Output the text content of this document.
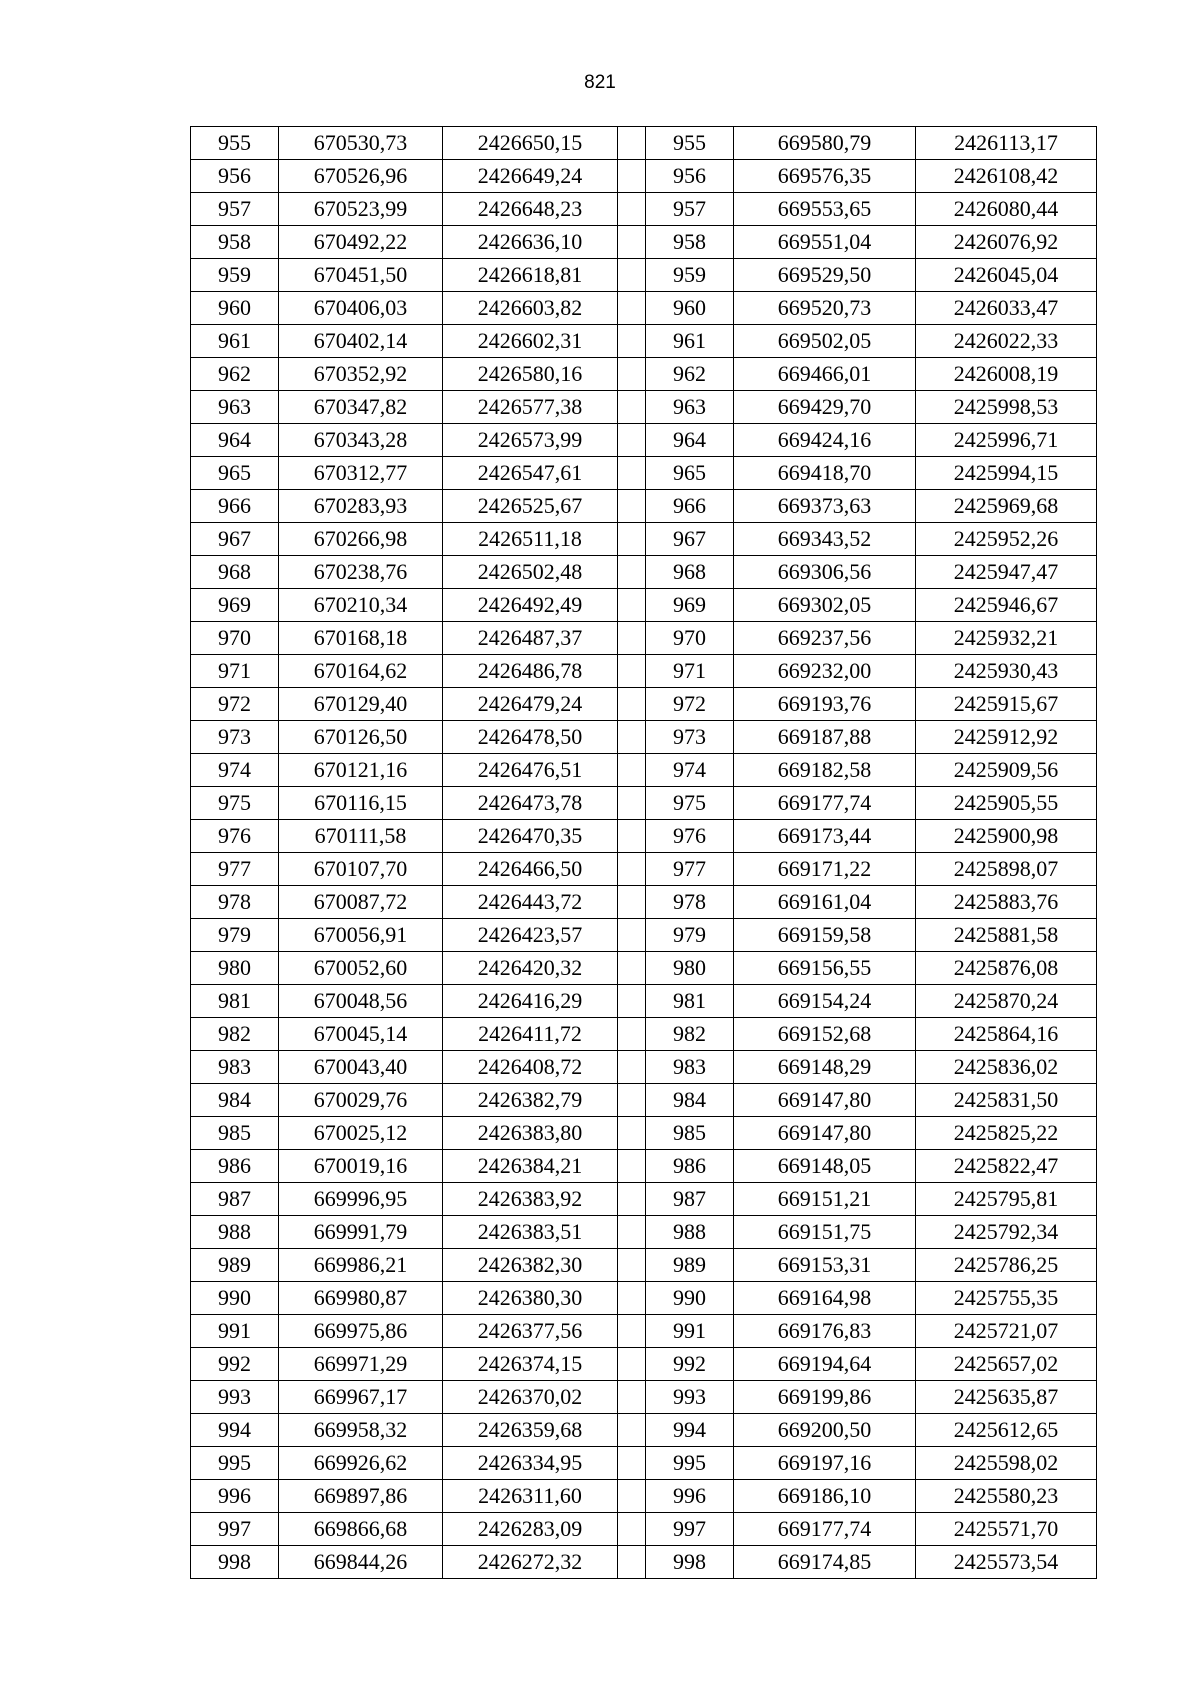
821
955	670530,73	2426650,15		955	669580,79	2426113,17
956	670526,96	2426649,24		956	669576,35	2426108,42
957	670523,99	2426648,23		957	669553,65	2426080,44
958	670492,22	2426636,10		958	669551,04	2426076,92
959	670451,50	2426618,81		959	669529,50	2426045,04
960	670406,03	2426603,82		960	669520,73	2426033,47
961	670402,14	2426602,31		961	669502,05	2426022,33
962	670352,92	2426580,16		962	669466,01	2426008,19
963	670347,82	2426577,38		963	669429,70	2425998,53
964	670343,28	2426573,99		964	669424,16	2425996,71
965	670312,77	2426547,61		965	669418,70	2425994,15
966	670283,93	2426525,67		966	669373,63	2425969,68
967	670266,98	2426511,18		967	669343,52	2425952,26
968	670238,76	2426502,48		968	669306,56	2425947,47
969	670210,34	2426492,49		969	669302,05	2425946,67
970	670168,18	2426487,37		970	669237,56	2425932,21
971	670164,62	2426486,78		971	669232,00	2425930,43
972	670129,40	2426479,24		972	669193,76	2425915,67
973	670126,50	2426478,50		973	669187,88	2425912,92
974	670121,16	2426476,51		974	669182,58	2425909,56
975	670116,15	2426473,78		975	669177,74	2425905,55
976	670111,58	2426470,35		976	669173,44	2425900,98
977	670107,70	2426466,50		977	669171,22	2425898,07
978	670087,72	2426443,72		978	669161,04	2425883,76
979	670056,91	2426423,57		979	669159,58	2425881,58
980	670052,60	2426420,32		980	669156,55	2425876,08
981	670048,56	2426416,29		981	669154,24	2425870,24
982	670045,14	2426411,72		982	669152,68	2425864,16
983	670043,40	2426408,72		983	669148,29	2425836,02
984	670029,76	2426382,79		984	669147,80	2425831,50
985	670025,12	2426383,80		985	669147,80	2425825,22
986	670019,16	2426384,21		986	669148,05	2425822,47
987	669996,95	2426383,92		987	669151,21	2425795,81
988	669991,79	2426383,51		988	669151,75	2425792,34
989	669986,21	2426382,30		989	669153,31	2425786,25
990	669980,87	2426380,30		990	669164,98	2425755,35
991	669975,86	2426377,56		991	669176,83	2425721,07
992	669971,29	2426374,15		992	669194,64	2425657,02
993	669967,17	2426370,02		993	669199,86	2425635,87
994	669958,32	2426359,68		994	669200,50	2425612,65
995	669926,62	2426334,95		995	669197,16	2425598,02
996	669897,86	2426311,60		996	669186,10	2425580,23
997	669866,68	2426283,09		997	669177,74	2425571,70
998	669844,26	2426272,32		998	669174,85	2425573,54
